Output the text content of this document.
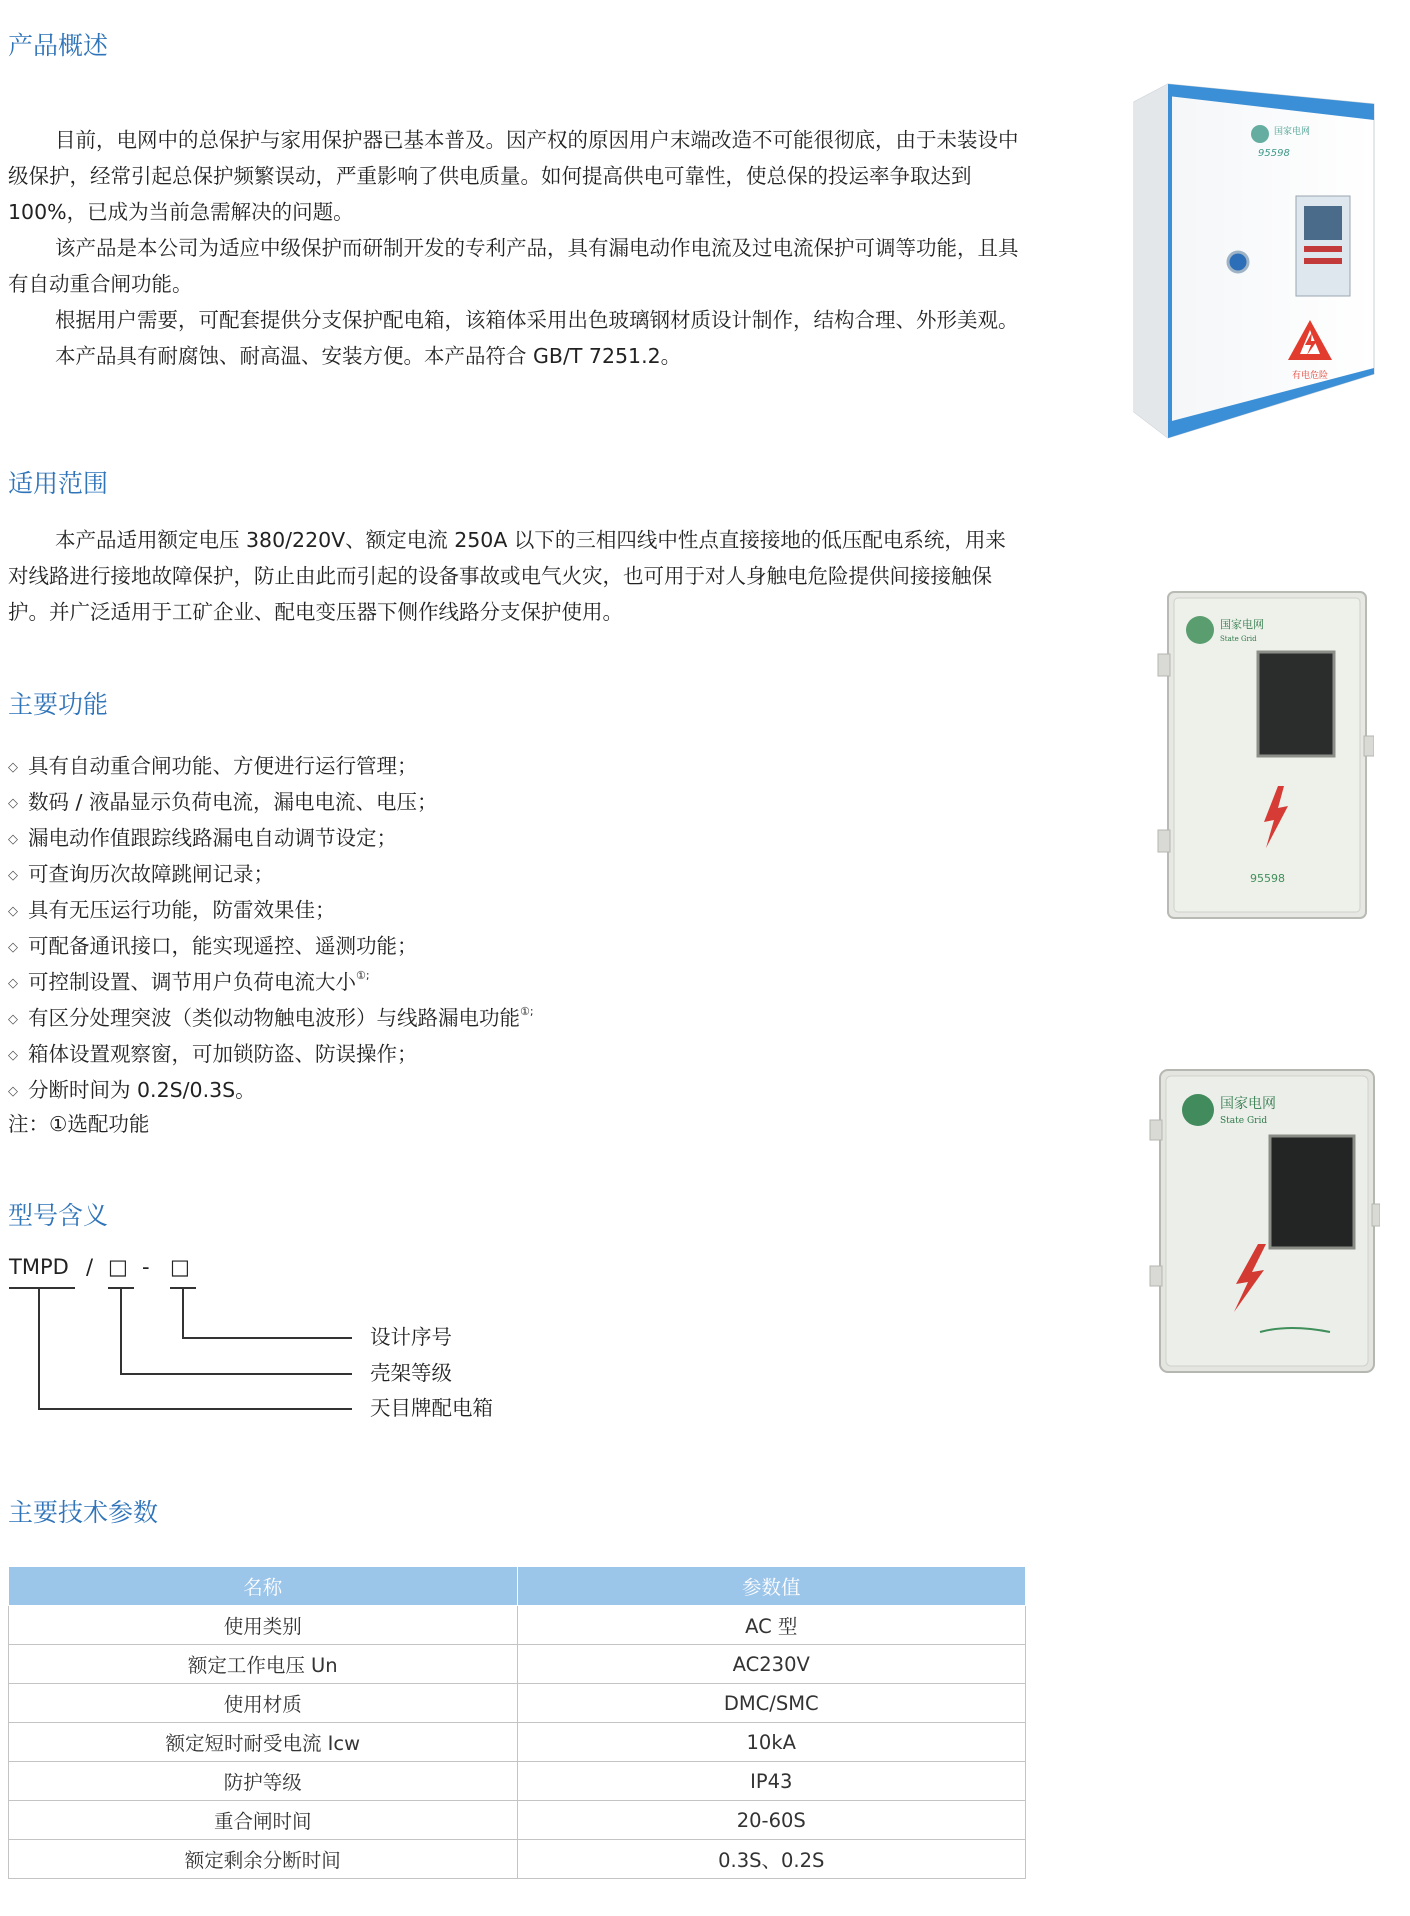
产品概述

目前，电网中的总保护与家用保护器已基本普及。因产权的原因用户末端改造不可能很彻底，由于未装设中级保护，经常引起总保护频繁误动，严重影响了供电质量。如何提高供电可靠性，使总保的投运率争取达到 100%，已成为当前急需解决的问题。

该产品是本公司为适应中级保护而研制开发的专利产品，具有漏电动作电流及过电流保护可调等功能，且具有自动重合闸功能。

根据用户需要，可配套提供分支保护配电箱，该箱体采用出色玻璃钢材质设计制作，结构合理、外形美观。

本产品具有耐腐蚀、耐高温、安装方便。本产品符合 GB/T 7251.2。

适用范围

本产品适用额定电压 380/220V、额定电流 250A 以下的三相四线中性点直接接地的低压配电系统，用来对线路进行接地故障保护，防止由此而引起的设备事故或电气火灾，也可用于对人身触电危险提供间接接触保护。并广泛适用于工矿企业、配电变压器下侧作线路分支保护使用。

主要功能
◇ 具有自动重合闸功能、方便进行运行管理；
◇ 数码 / 液晶显示负荷电流，漏电电流、电压；
◇ 漏电动作值跟踪线路漏电自动调节设定；
◇ 可查询历次故障跳闸记录；
◇ 具有无压运行功能，防雷效果佳；
◇ 可配备通讯接口，能实现遥控、遥测功能；
◇ 可控制设置、调节用户负荷电流大小①;
◇ 有区分处理突波（类似动物触电波形）与线路漏电功能①;
◇ 箱体设置观察窗，可加锁防盗、防误操作；
◇ 分断时间为 0.2S/0.3S。

注：①选配功能

型号含义
TMPD / □ - □
设计序号
壳架等级
天目牌配电箱
主要技术参数
名称	参数值
使用类别	AC 型
额定工作电压 Un	AC230V
使用材质	DMC/SMC
额定短时耐受电流 Icw	10kA
防护等级	IP43
重合闸时间	20-60S
额定剩余分断时间	0.3S、0.2S
国家电网
95598
有电危险
国家电网
State Grid
95598
国家电网
State Grid
